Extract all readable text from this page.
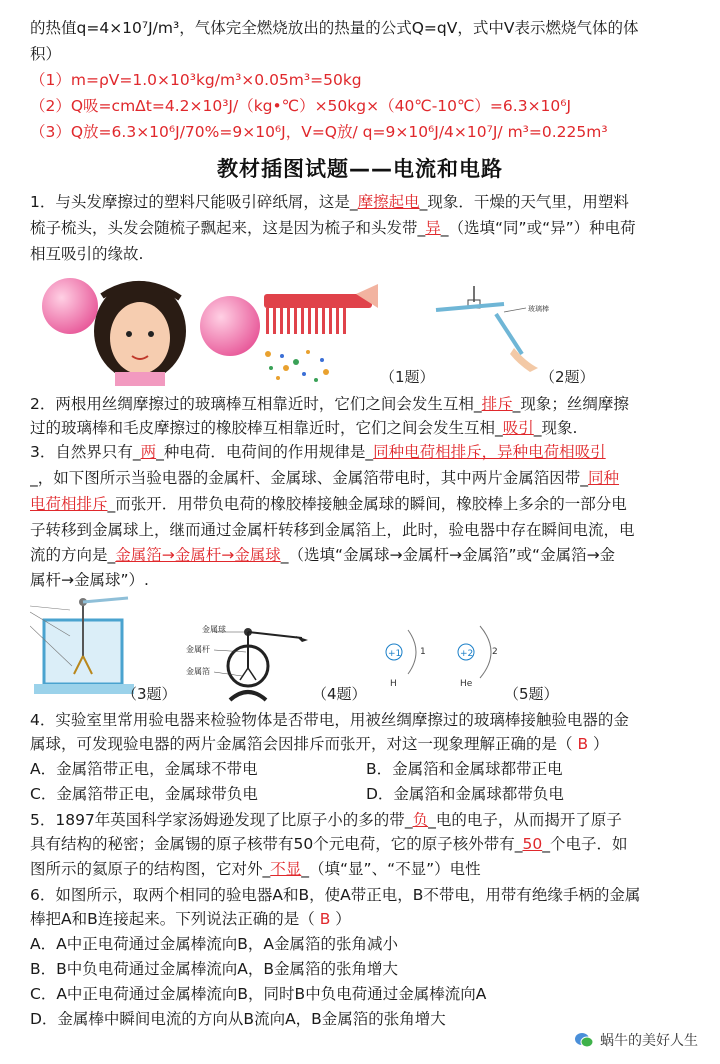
的热值q=4×10⁷J/m³，气体完全燃烧放出的热量的公式Q=qV，式中V表示燃烧气体的体
积）
（1）m=ρV=1.0×10³kg/m³×0.05m³=50kg
（2）Q吸=cmΔt=4.2×10³J/（kg•℃）×50kg×（40℃-10℃）=6.3×10⁶J
（3）Q放=6.3×10⁶J/70%=9×10⁶J，V=Q放/ q=9×10⁶J/4×10⁷J/ m³=0.225m³
教材插图试题——电流和电路
1．与头发摩擦过的塑料尺能吸引碎纸屑，这是_摩擦起电_现象．干燥的天气里，用塑料
梳子梳头，头发会随梳子飘起来，这是因为梳子和头发带_异_（选填“同”或“异”）种电荷
相互吸引的缘故.
（1题）
玻璃棒
（2题）
2．两根用丝绸摩擦过的玻璃棒互相靠近时，它们之间会发生互相_排斥_现象；丝绸摩擦
过的玻璃棒和毛皮摩擦过的橡胶棒互相靠近时，它们之间会发生互相_吸引_现象.
3．自然界只有_两_种电荷．电荷间的作用规律是_同种电荷相排斥，异种电荷相吸引
_，如下图所示当验电器的金属杆、金属球、金属箔带电时，其中两片金属箔因带_同种
电荷相排斥_而张开．用带负电荷的橡胶棒接触金属球的瞬间，橡胶棒上多余的一部分电
子转移到金属球上，继而通过金属杆转移到金属箔上，此时，验电器中存在瞬间电流，电
流的方向是_金属箔→金属杆→金属球_（选填“金属球→金属杆→金属箔”或“金属箔→金
属杆→金属球”）.
（3题）
金属球
金属杆
金属箔
（4题）
+1 1
H
+2 2
He
（5题）
4．实验室里常用验电器来检验物体是否带电，用被丝绸摩擦过的玻璃棒接触验电器的金
属球，可发现验电器的两片金属箔会因排斥而张开，对这一现象理解正确的是（ B ）
A．金属箔带正电，金属球不带电	B．金属箔和金属球都带正电
C．金属箔带正电，金属球带负电	D．金属箔和金属球都带负电
5．1897年英国科学家汤姆逊发现了比原子小的多的带_负_电的电子，从而揭开了原子
具有结构的秘密；金属锡的原子核带有50个元电荷，它的原子核外带有_50_个电子．如
图所示的氦原子的结构图，它对外_不显_（填“显”、“不显”）电性
6．如图所示，取两个相同的验电器A和B，使A带正电，B不带电，用带有绝缘手柄的金属
棒把A和B连接起来。下列说法正确的是（ B ）
A．A中正电荷通过金属棒流向B，A金属箔的张角减小
B．B中负电荷通过金属棒流向A，B金属箔的张角增大
C．A中正电荷通过金属棒流向B，同时B中负电荷通过金属棒流向A
D．金属棒中瞬间电流的方向从B流向A，B金属箔的张角增大
蜗牛的美好人生
